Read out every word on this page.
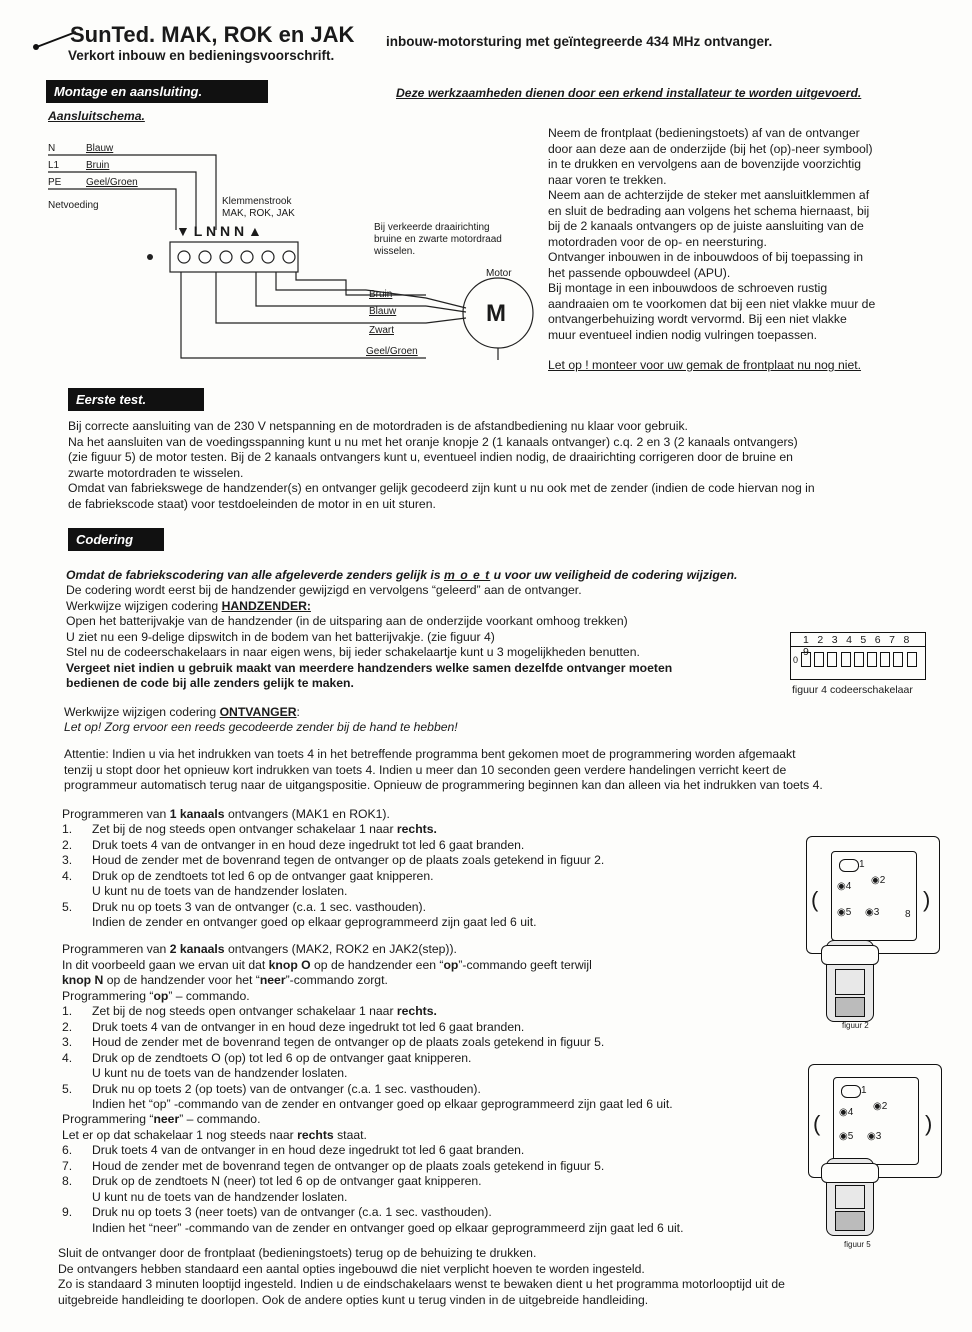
SunTed. MAK, ROK en JAK inbouw-motorsturing met geïntegreerde 434 MHz ontvanger.
Verkort inbouw en bedieningsvoorschrift.
Montage en aansluiting.	Deze werkzaamheden dienen door een erkend installateur te worden uitgevoerd.
Aansluitschema.
N	Blauw
L1	Bruin
PE Geel/Groen
Netvoeding	Klemmenstrook
MAK, ROK, JAK
▼ L N N N ▲	Bij verkeerde draairichting
bruine en zwarte motordraad
wisselen.
Motor
M
Bruin
Blauw
Zwart
Geel/Groen
Neem de frontplaat (bedieningstoets) af van de ontvanger
door aan deze aan de onderzijde (bij het (op)-neer symbool)
in te drukken en vervolgens aan de bovenzijde voorzichtig
naar voren te trekken.
Neem aan de achterzijde de steker met aansluitklemmen af
en sluit de bedrading aan volgens het schema hiernaast, bij
bij de 2 kanaals ontvangers op de juiste aansluiting van de
motordraden voor de op- en neersturing.
Ontvanger inbouwen in de inbouwdoos of bij toepassing in
het passende opbouwdeel (APU).
Bij montage in een inbouwdoos de schroeven rustig
aandraaien om te voorkomen dat bij een niet vlakke muur de
ontvangerbehuizing wordt vervormd. Bij een niet vlakke
muur eventueel indien nodig vulringen toepassen.
Let op ! monteer voor uw gemak de frontplaat nu nog niet.
Eerste test.
Bij correcte aansluiting van de 230 V netspanning en de motordraden is de afstandbediening nu klaar voor gebruik.
Na het aansluiten van de voedingsspanning kunt u nu met het oranje knopje 2 (1 kanaals ontvanger) c.q. 2 en 3 (2 kanaals ontvangers)
(zie figuur 5) de motor testen. Bij de 2 kanaals ontvangers kunt u, eventueel indien nodig, de draairichting corrigeren door de bruine en
zwarte motordraden te wisselen.
Omdat van fabriekswege de handzender(s) en ontvanger gelijk gecodeerd zijn kunt u nu ook met de zender (indien de code hiervan nog in
de fabriekscode staat) voor testdoeleinden de motor in en uit sturen.
Codering
Omdat de fabriekscodering van alle afgeleverde zenders gelijk is m o e t u voor uw veiligheid de codering wijzigen.
De codering wordt eerst bij de handzender gewijzigd en vervolgens “geleerd” aan de ontvanger.
Werkwijze wijzigen codering HANDZENDER:
Open het batterijvakje van de handzender (in de uitsparing aan de onderzijde voorkant omhoog trekken)
U ziet nu een 9-delige dipswitch in de bodem van het batterijvakje. (zie figuur 4)
Stel nu de codeerschakelaars in naar eigen wens, bij ieder schakelaartje kunt u 3 mogelijkheden benutten.
Vergeet niet indien u gebruik maakt van meerdere handzenders welke samen dezelfde ontvanger moeten
bedienen de code bij alle zenders gelijk te maken.
1 2 3 4 5 6 7 8 9
0
figuur 4 codeerschakelaar
Werkwijze wijzigen codering ONTVANGER:
Let op! Zorg ervoor een reeds gecodeerde zender bij de hand te hebben!
Attentie: Indien u via het indrukken van toets 4 in het betreffende programma bent gekomen moet de programmering worden afgemaakt
tenzij u stopt door het opnieuw kort indrukken van toets 4. Indien u meer dan 10 seconden geen verdere handelingen verricht keert de
programmeur automatisch terug naar de uitgangspositie. Opnieuw de programmering beginnen kan dan alleen via het indrukken van toets 4.
Programmeren van 1 kanaals ontvangers (MAK1 en ROK1).
1. Zet bij de nog steeds open ontvanger schakelaar 1 naar rechts.
2. Druk toets 4 van de ontvanger in en houd deze ingedrukt tot led 6 gaat branden.
3. Houd de zender met de bovenrand tegen de ontvanger op de plaats zoals getekend in figuur 2.
4. Druk op de zendtoets tot led 6 op de ontvanger gaat knipperen.
U kunt nu de toets van de handzender loslaten.
5. Druk nu op toets 3 van de ontvanger (c.a. 1 sec. vasthouden).
Indien de zender en ontvanger goed op elkaar geprogrammeerd zijn gaat led 6 uit.
Programmeren van 2 kanaals ontvangers (MAK2, ROK2 en JAK2(step)).
In dit voorbeeld gaan we ervan uit dat knop O op de handzender een “op”-commando geeft terwijl
knop N op de handzender voor het “neer”-commando zorgt.
Programmering “op” – commando.
1. Zet bij de nog steeds open ontvanger schakelaar 1 naar rechts.
2. Druk toets 4 van de ontvanger in en houd deze ingedrukt tot led 6 gaat branden.
3. Houd de zender met de bovenrand tegen de ontvanger op de plaats zoals getekend in figuur 5.
4. Druk op de zendtoets O (op) tot led 6 op de ontvanger gaat knipperen.
U kunt nu de toets van de handzender loslaten.
5. Druk nu op toets 2 (op toets) van de ontvanger (c.a. 1 sec. vasthouden).
Indien het “op” -commando van de zender en ontvanger goed op elkaar geprogrammeerd zijn gaat led 6 uit.
Programmering “neer” – commando.
Let er op dat schakelaar 1 nog steeds naar rechts staat.
6. Druk toets 4 van de ontvanger in en houd deze ingedrukt tot led 6 gaat branden.
7. Houd de zender met de bovenrand tegen de ontvanger op de plaats zoals getekend in figuur 5.
8. Druk op de zendtoets N (neer) tot led 6 op de ontvanger gaat knipperen.
U kunt nu de toets van de handzender loslaten.
9. Druk nu op toets 3 (neer toets) van de ontvanger (c.a. 1 sec. vasthouden).
Indien het “neer” -commando van de zender en ontvanger goed op elkaar geprogrammeerd zijn gaat led 6 uit.
1
◉4
◉2
◉5 ◉3	8
(	)
figuur 2
1
◉4
◉2
◉5 ◉3
(	)
figuur 5
Sluit de ontvanger door de frontplaat (bedieningstoets) terug op de behuizing te drukken.
De ontvangers hebben standaard een aantal opties ingebouwd die niet verplicht hoeven te worden ingesteld.
Zo is standaard 3 minuten looptijd ingesteld. Indien u de eindschakelaars wenst te bewaken dient u het programma motorlooptijd uit de
uitgebreide handleiding te doorlopen. Ook de andere opties kunt u terug vinden in de uitgebreide handleiding.
